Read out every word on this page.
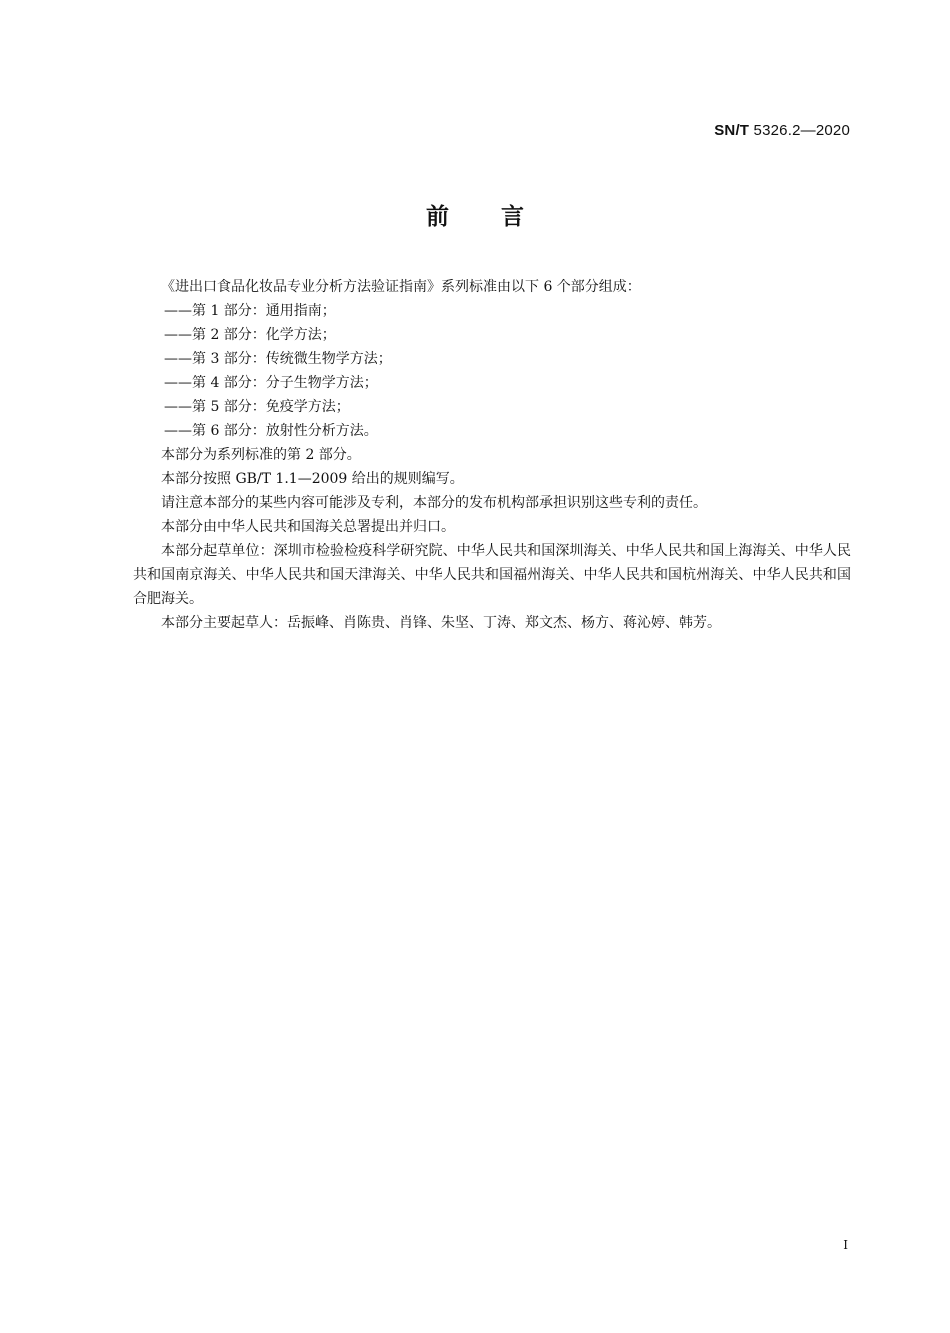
SN/T 5326.2—2020
前言

《进出口食品化妆品专业分析方法验证指南》系列标准由以下 6 个部分组成：

——第 1 部分：通用指南；
——第 2 部分：化学方法；
——第 3 部分：传统微生物学方法；
——第 4 部分：分子生物学方法；
——第 5 部分：免疫学方法；
——第 6 部分：放射性分析方法。

本部分为系列标准的第 2 部分。

本部分按照 GB/T 1.1—2009 给出的规则编写。

请注意本部分的某些内容可能涉及专利，本部分的发布机构部承担识别这些专利的责任。

本部分由中华人民共和国海关总署提出并归口。

本部分起草单位：深圳市检验检疫科学研究院、中华人民共和国深圳海关、中华人民共和国上海海关、中华人民共和国南京海关、中华人民共和国天津海关、中华人民共和国福州海关、中华人民共和国杭州海关、中华人民共和国合肥海关。

本部分主要起草人：岳振峰、肖陈贵、肖锋、朱坚、丁涛、郑文杰、杨方、蒋沁婷、韩芳。

I
